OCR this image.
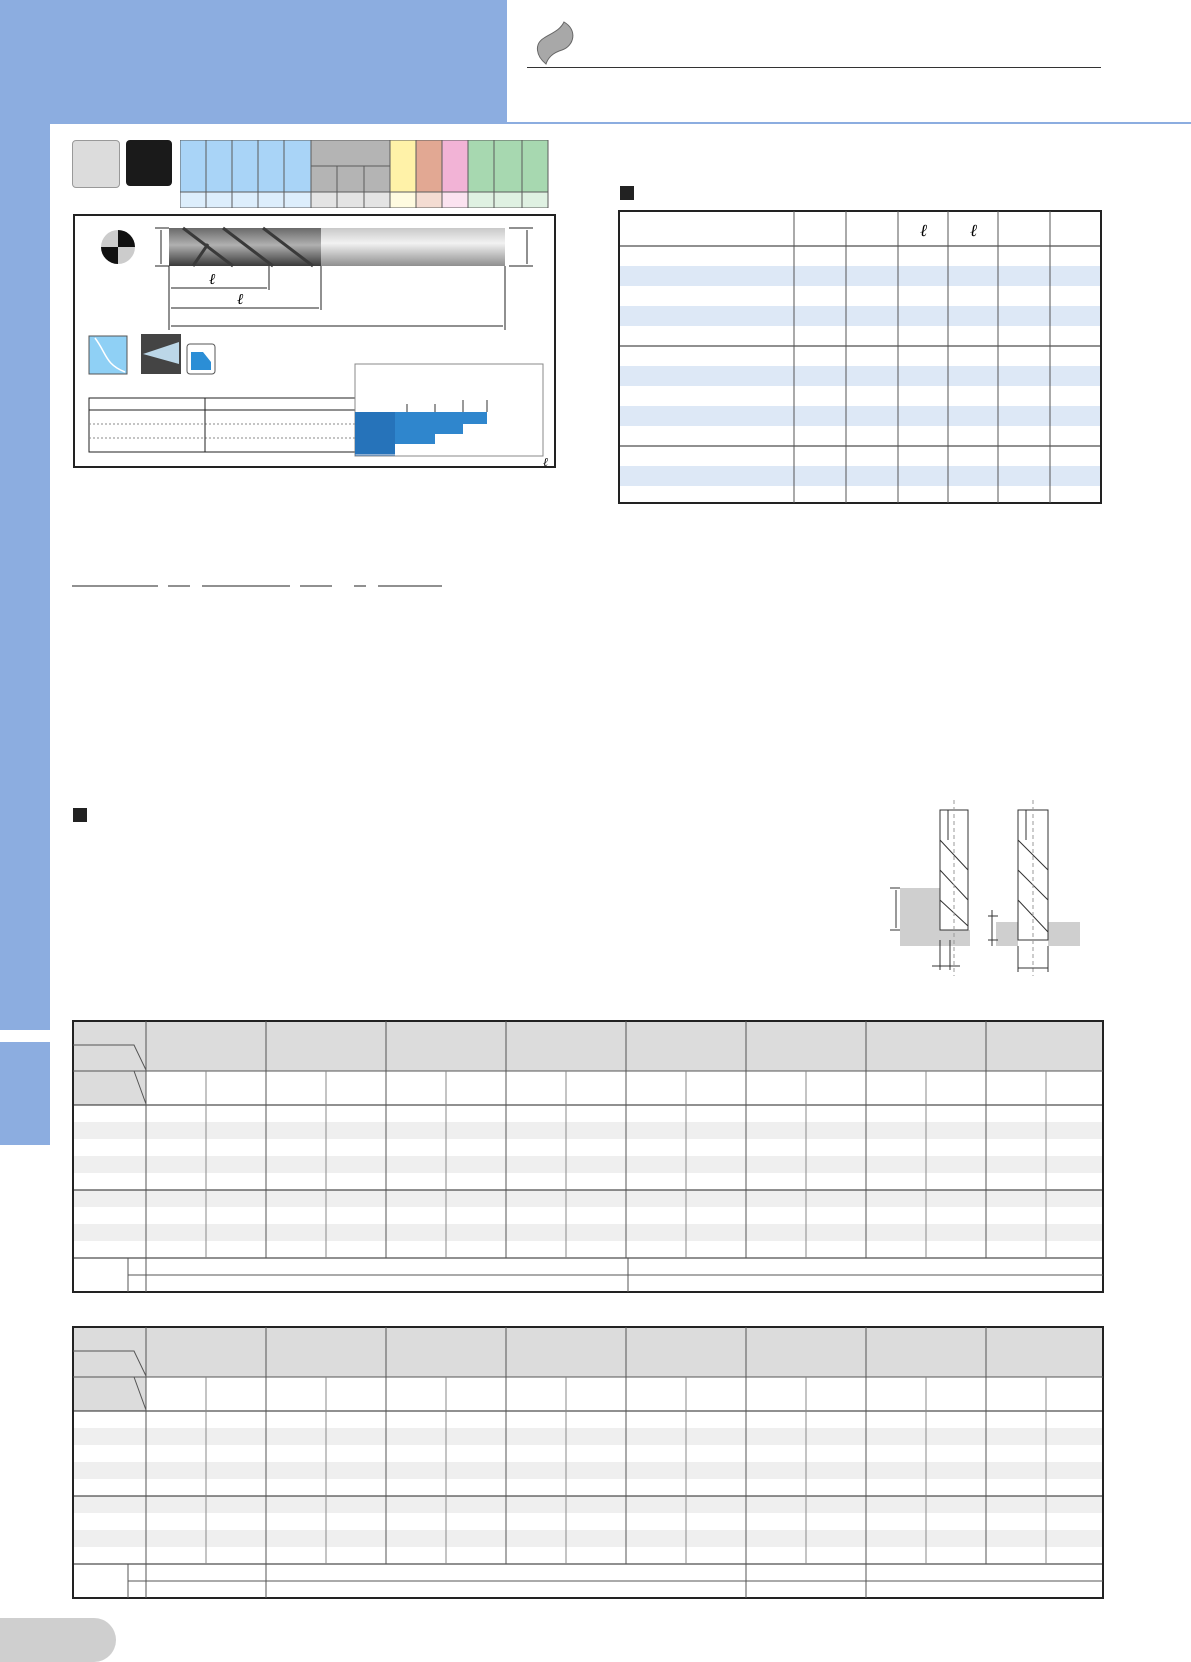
ℓ
ℓ
ℓ
ℓ	ℓ
